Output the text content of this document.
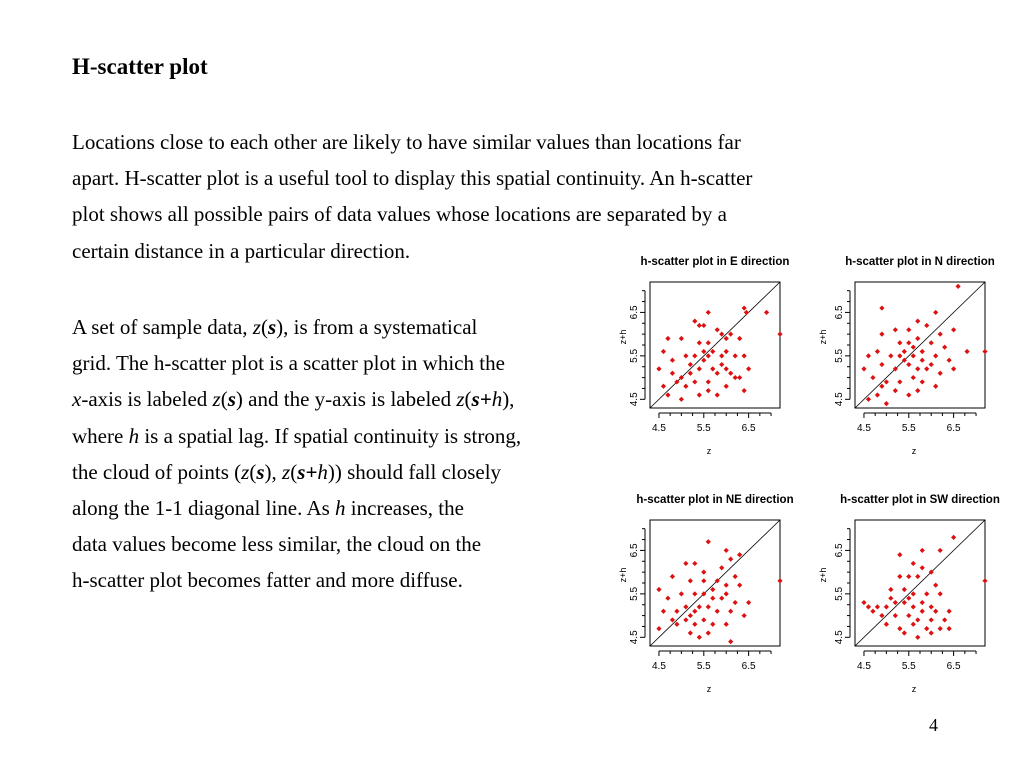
H-scatter plot
Locations close to each other are likely to have similar values than locations far
apart. H-scatter plot is a useful tool to display this spatial continuity. An h-scatter
plot shows all possible pairs of data values whose locations are separated by a
certain distance in a particular direction.
A set of sample data, z(s), is from a systematical
grid. The h-scatter plot is a scatter plot in which the
x-axis is labeled z(s) and the y-axis is labeled z(s+h),
where h is a spatial lag. If spatial continuity is strong,
the cloud of points (z(s), z(s+h)) should fall closely
along the 1-1 diagonal line. As h increases, the
data values become less similar, the cloud on the
h-scatter plot becomes fatter and more diffuse.
4
h-scatter plot in E direction
4.5	5.5	6.5
z
4.5
5.5
6.5
z+h
h-scatter plot in N direction
4.5	5.5	6.5
z
4.5
5.5
6.5
z+h
h-scatter plot in NE direction
4.5	5.5	6.5
z
4.5
5.5
6.5
z+h
h-scatter plot in SW direction
4.5	5.5	6.5
z
4.5
5.5
6.5
z+h
